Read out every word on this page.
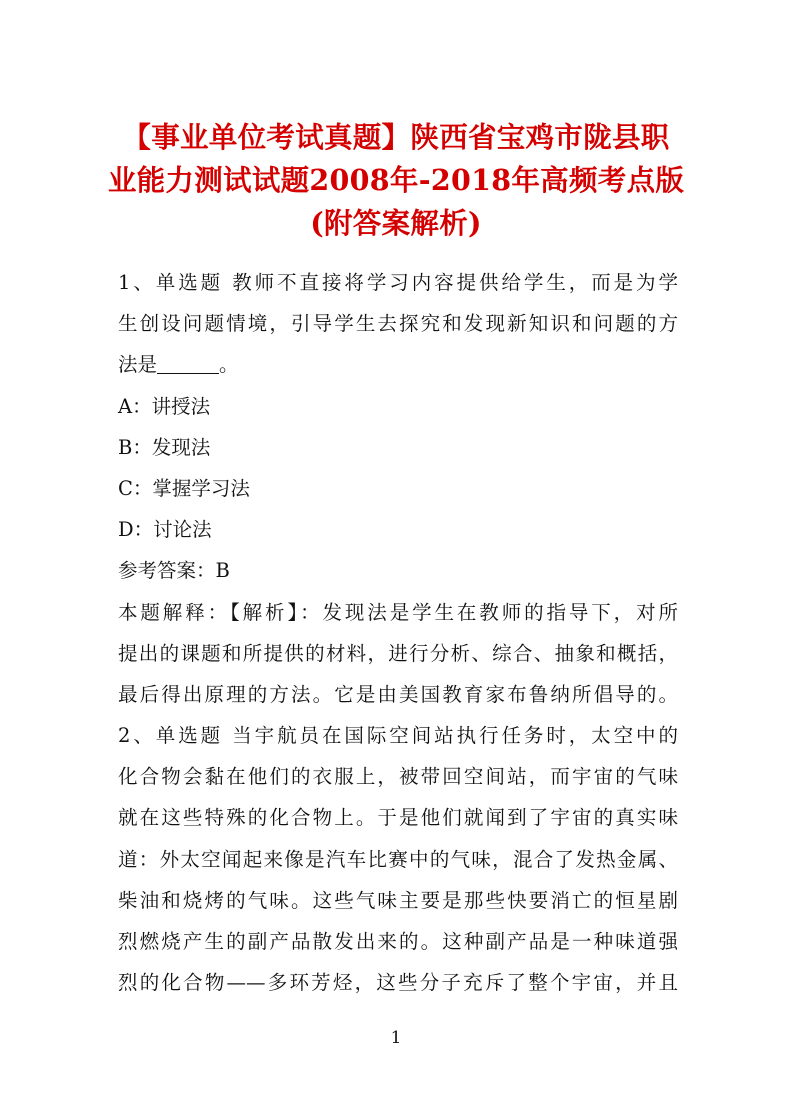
【事业单位考试真题】陕西省宝鸡市陇县职
业能力测试试题2008年-2018年高频考点版
(附答案解析)
1、单选题 教师不直接将学习内容提供给学生，而是为学
生创设问题情境，引导学生去探究和发现新知识和问题的方
法是	。
A：讲授法
B：发现法
C：掌握学习法
D：讨论法
参考答案：B
本题解释：【解析】：发现法是学生在教师的指导下，对所
提出的课题和所提供的材料，进行分析、综合、抽象和概括，
最后得出原理的方法。它是由美国教育家布鲁纳所倡导的。
2、单选题 当宇航员在国际空间站执行任务时，太空中的
化合物会黏在他们的衣服上，被带回空间站，而宇宙的气味
就在这些特殊的化合物上。于是他们就闻到了宇宙的真实味
道：外太空闻起来像是汽车比赛中的气味，混合了发热金属、
柴油和烧烤的气味。这些气味主要是那些快要消亡的恒星剧
烈燃烧产生的副产品散发出来的。这种副产品是一种味道强
烈的化合物——多环芳烃，这些分子充斥了整个宇宙，并且
1
